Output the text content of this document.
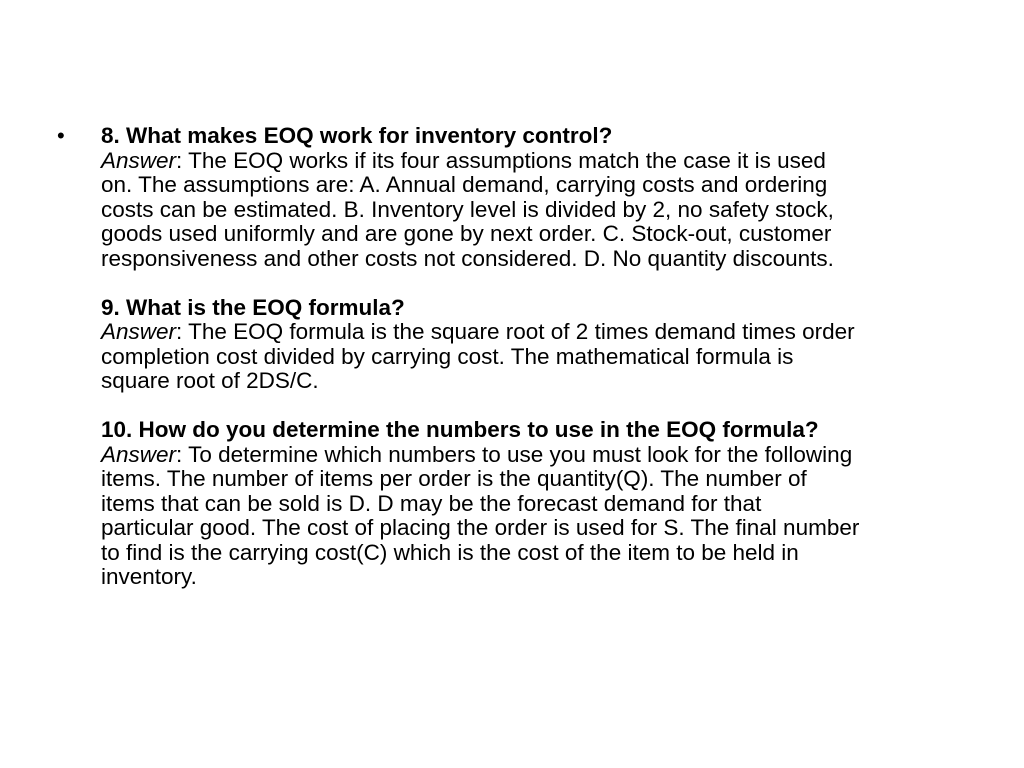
• 8. What makes EOQ work for inventory control?
Answer: The EOQ works if its four assumptions match the case it is used
on. The assumptions are: A. Annual demand, carrying costs and ordering
costs can be estimated. B. Inventory level is divided by 2, no safety stock,
goods used uniformly and are gone by next order. C. Stock-out, customer
responsiveness and other costs not considered. D. No quantity discounts.
9. What is the EOQ formula?
Answer: The EOQ formula is the square root of 2 times demand times order
completion cost divided by carrying cost. The mathematical formula is
square root of 2DS/C.
10. How do you determine the numbers to use in the EOQ formula?
Answer: To determine which numbers to use you must look for the following
items. The number of items per order is the quantity(Q). The number of
items that can be sold is D. D may be the forecast demand for that
particular good. The cost of placing the order is used for S. The final number
to find is the carrying cost(C) which is the cost of the item to be held in
inventory.
